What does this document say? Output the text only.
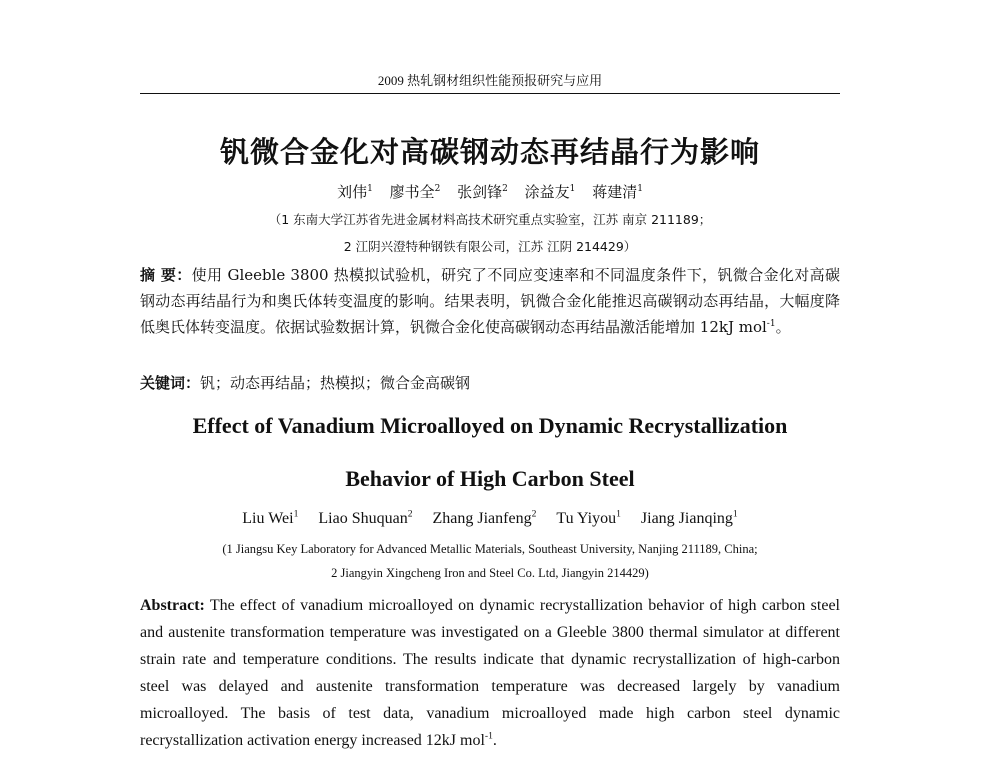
2009 热轧钢材组织性能预报研究与应用
钒微合金化对高碳钢动态再结晶行为影响
刘伟$^1$ 廖书全$^2$ 张剑锋$^2$ 涂益友$^1$ 蒋建清$^1$
（1 东南大学江苏省先进金属材料高技术研究重点实验室，江苏 南京 211189；
2 江阴兴澄特种钢铁有限公司，江苏 江阴 214429）
摘 要：使用 Gleeble 3800 热模拟试验机，研究了不同应变速率和不同温度条件下，钒微合金化对高碳钢动态再结晶行为和奥氏体转变温度的影响。结果表明，钒微合金化能推迟高碳钢动态再结晶，大幅度降低奥氏体转变温度。依据试验数据计算，钒微合金化使高碳钢动态再结晶激活能增加 12kJ mol$^{-1}$。
关键词：钒；动态再结晶；热模拟；微合金高碳钢
Effect of Vanadium Microalloyed on Dynamic Recrystallization
Behavior of High Carbon Steel
Liu Wei$^1$ Liao Shuquan$^2$ Zhang Jianfeng$^2$ Tu Yiyou$^1$ Jiang Jianqing$^1$
(1 Jiangsu Key Laboratory for Advanced Metallic Materials, Southeast University, Nanjing 211189, China;
2 Jiangyin Xingcheng Iron and Steel Co. Ltd, Jiangyin 214429)
Abstract: The effect of vanadium microalloyed on dynamic recrystallization behavior of high carbon steel and austenite transformation temperature was investigated on a Gleeble 3800 thermal simulator at different strain rate and temperature conditions. The results indicate that dynamic recrystallization of high-carbon steel was delayed and austenite transformation temperature was decreased largely by vanadium microalloyed. The basis of test data, vanadium microalloyed made high carbon steel dynamic recrystallization activation energy increased 12kJ mol$^{-1}$.
